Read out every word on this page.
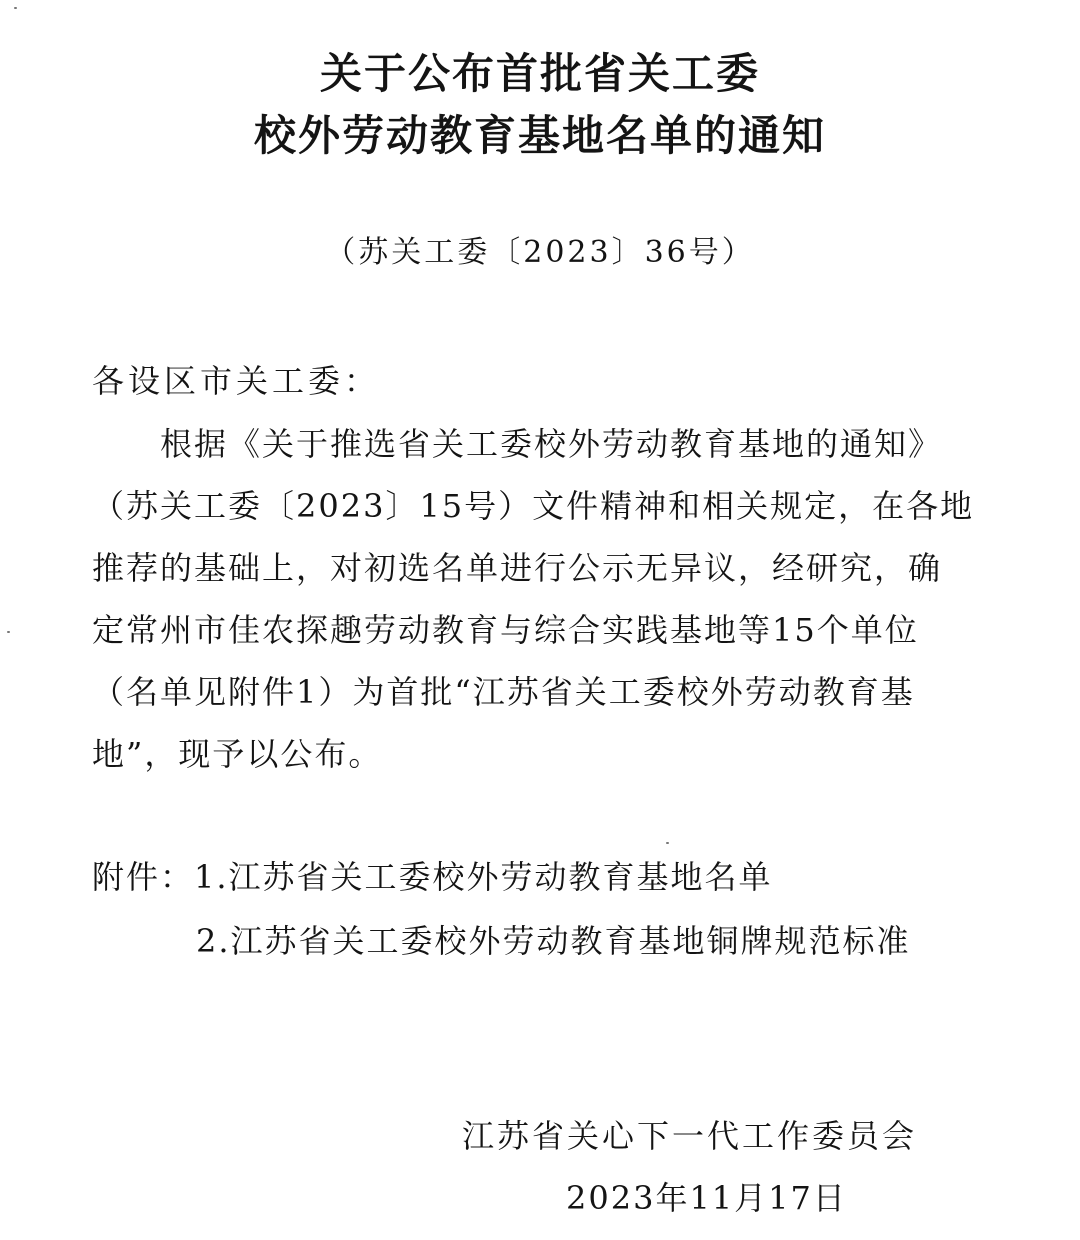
关于公布首批省关工委
校外劳动教育基地名单的通知
（苏关工委〔2023〕36号）
各设区市关工委：
根据《关于推选省关工委校外劳动教育基地的通知》
（苏关工委〔2023〕15号）文件精神和相关规定，在各地
推荐的基础上，对初选名单进行公示无异议，经研究，确
定常州市佳农探趣劳动教育与综合实践基地等15个单位
（名单见附件1）为首批“江苏省关工委校外劳动教育基
地”，现予以公布。
附件：1.江苏省关工委校外劳动教育基地名单
2.江苏省关工委校外劳动教育基地铜牌规范标准
江苏省关心下一代工作委员会
2023年11月17日
